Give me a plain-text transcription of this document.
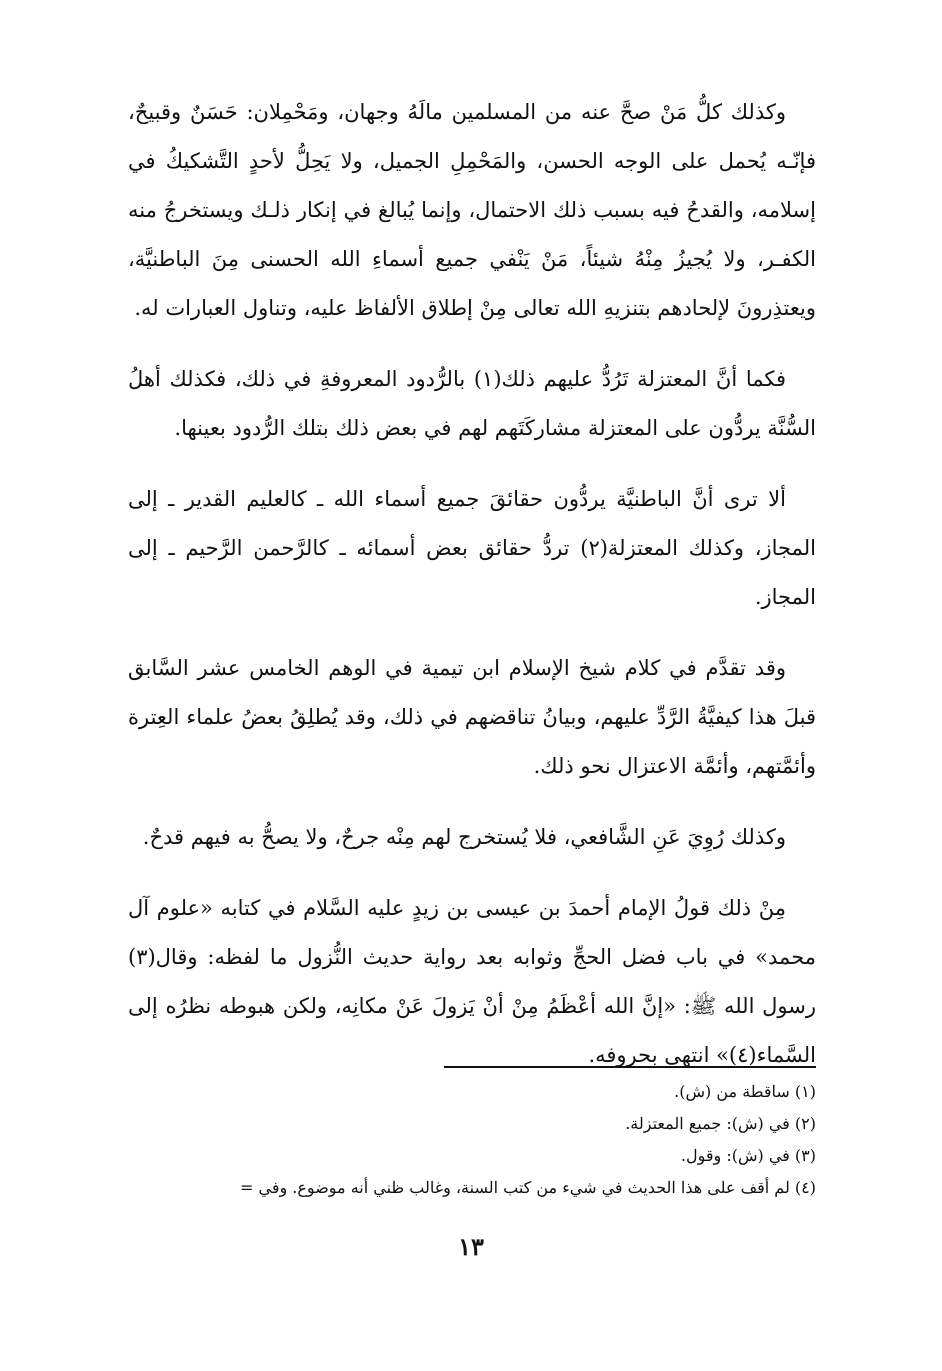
وكذلك كلُّ مَنْ صحَّ عنه من المسلمين مالَهُ وجهان، ومَحْمِلان: حَسَنٌ وقبيحٌ، فإنّـه يُحمل على الوجه الحسن، والمَحْمِلِ الجميل، ولا يَحِلُّ لأحدٍ التَّشكيكُ في إسلامه، والقدحُ فيه بسبب ذلك الاحتمال، وإنما يُبالغ في إنكار ذلـك ويستخرجُ منه الكفـر، ولا يُجيزُ مِنْهُ شيئاً، مَنْ يَنْفي جميع أسماءِ الله الحسنى مِنَ الباطنيَّة، ويعتذِرونَ لإلحادهم بتنزيهِ الله تعالى مِنْ إطلاق الألفاظ عليه، وتناول العبارات له.

فكما أنَّ المعتزلة تَرُدُّ عليهم ذلك(١) بالرُّدود المعروفةِ في ذلك، فكذلك أهلُ السُّنَّة يردُّون على المعتزلة مشاركَتَهم لهم في بعض ذلك بتلك الرُّدود بعينها.

ألا ترى أنَّ الباطنيَّة يردُّون حقائقَ جميع أسماء الله ـ كالعليم القدير ـ إلى المجاز، وكذلك المعتزلة(٢) تردُّ حقائق بعض أسمائه ـ كالرَّحمن الرَّحيم ـ إلى المجاز.

وقد تقدَّم في كلام شيخ الإسلام ابن تيمية في الوهم الخامس عشر السَّابق قبلَ هذا كيفيَّةُ الرَّدِّ عليهم، وبيانُ تناقضهم في ذلك، وقد يُطلِقُ بعضُ علماء العِترة وأئمَّتهم، وأئمَّة الاعتزال نحو ذلك.

وكذلك رُوِيَ عَنِ الشَّافعي، فلا يُستخرج لهم مِنْه جرحٌ، ولا يصحُّ به فيهم قدحٌ.

مِنْ ذلك قولُ الإمام أحمدَ بن عيسى بن زيدٍ عليه السَّلام في كتابه «علوم آل محمد» في باب فضل الحجِّ وثوابه بعد رواية حديث النُّزول ما لفظه: وقال(٣) رسول الله ﷺ: «إنَّ الله أعْظَمُ مِنْ أنْ يَزولَ عَنْ مكانِه، ولكن هبوطه نظرُه إلى السَّماء(٤)» انتهى بحروفه.

(١) ساقطة من (ش).
(٢) في (ش): جميع المعتزلة.
(٣) في (ش): وقول.
(٤) لم أقف على هذا الحديث في شيء من كتب السنة، وغالب ظني أنه موضوع. وفي =
١٣
